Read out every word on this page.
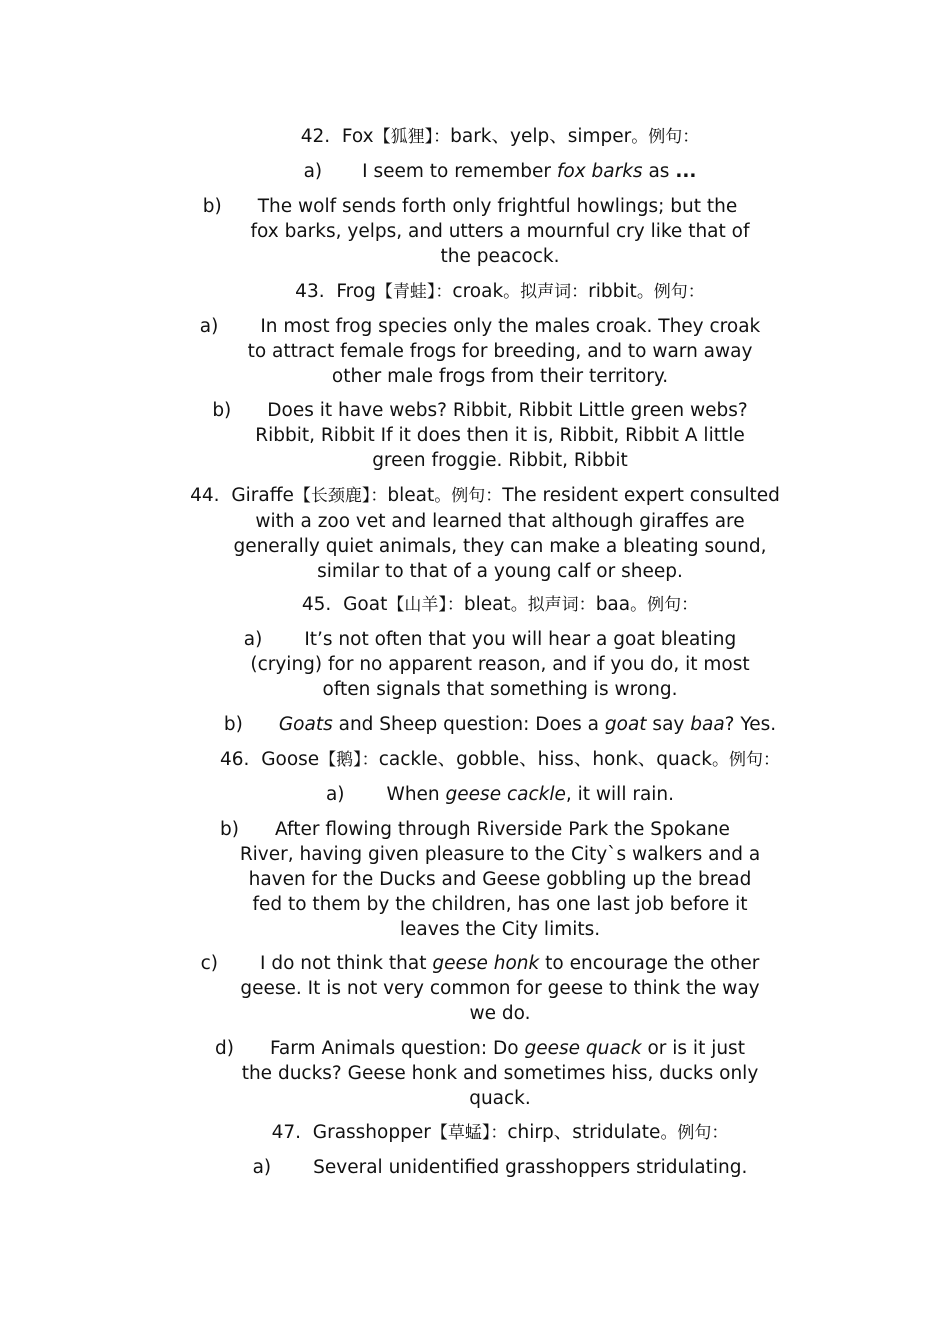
42. Fox【狐狸】：bark、yelp、simper。例句：
a) I seem to remember fox barks as ...
b) The wolf sends forth only frightful howlings; but the
fox barks, yelps, and utters a mournful cry like that of
the peacock.
43. Frog【青蛙】：croak。拟声词：ribbit。例句：
a) In most frog species only the males croak. They croak
to attract female frogs for breeding, and to warn away
other male frogs from their territory.
b) Does it have webs? Ribbit, Ribbit Little green webs?
Ribbit, Ribbit If it does then it is, Ribbit, Ribbit A little
green froggie. Ribbit, Ribbit
44. Giraffe【长颈鹿】：bleat。例句：The resident expert consulted
with a zoo vet and learned that although giraffes are
generally quiet animals, they can make a bleating sound,
similar to that of a young calf or sheep.
45. Goat【山羊】：bleat。拟声词：baa。例句：
a) It’s not often that you will hear a goat bleating
(crying) for no apparent reason, and if you do, it most
often signals that something is wrong.
b) Goats and Sheep question: Does a goat say baa? Yes.
46. Goose【鹅】：cackle、gobble、hiss、honk、quack。例句：
a) When geese cackle, it will rain.
b) After flowing through Riverside Park the Spokane
River, having given pleasure to the City`s walkers and a
haven for the Ducks and Geese gobbling up the bread
fed to them by the children, has one last job before it
leaves the City limits.
c) I do not think that geese honk to encourage the other
geese. It is not very common for geese to think the way
we do.
d) Farm Animals question: Do geese quack or is it just
the ducks? Geese honk and sometimes hiss, ducks only
quack.
47. Grasshopper【草蜢】：chirp、stridulate。例句：
a) Several unidentified grasshoppers stridulating.
